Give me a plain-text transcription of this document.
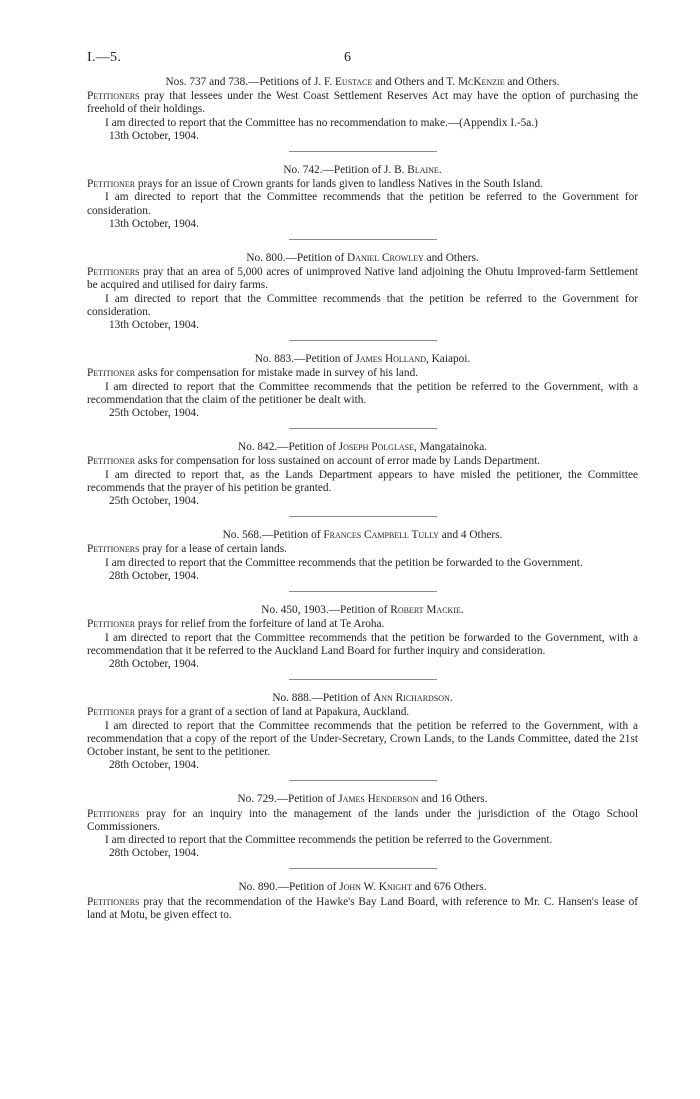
I.—5.	6

Nos. 737 and 738.—Petitions of J. F. Eustace and Others and T. McKenzie and Others.

Petitioners pray that lessees under the West Coast Settlement Reserves Act may have the option of purchasing the freehold of their holdings.

I am directed to report that the Committee has no recommendation to make.—(Appendix I.-5a.)

13th October, 1904.

No. 742.—Petition of J. B. Blaine.

Petitioner prays for an issue of Crown grants for lands given to landless Natives in the South Island.

I am directed to report that the Committee recommends that the petition be referred to the Government for consideration.

13th October, 1904.

No. 800.—Petition of Daniel Crowley and Others.

Petitioners pray that an area of 5,000 acres of unimproved Native land adjoining the Ohutu Improved-farm Settlement be acquired and utilised for dairy farms.

I am directed to report that the Committee recommends that the petition be referred to the Government for consideration.

13th October, 1904.

No. 883.—Petition of James Holland, Kaiapoi.

Petitioner asks for compensation for mistake made in survey of his land.

I am directed to report that the Committee recommends that the petition be referred to the Government, with a recommendation that the claim of the petitioner be dealt with.

25th October, 1904.

No. 842.—Petition of Joseph Polglase, Mangatainoka.

Petitioner asks for compensation for loss sustained on account of error made by Lands Department.

I am directed to report that, as the Lands Department appears to have misled the petitioner, the Committee recommends that the prayer of his petition be granted.

25th October, 1904.

No. 568.—Petition of Frances Campbell Tully and 4 Others.

Petitioners pray for a lease of certain lands.

I am directed to report that the Committee recommends that the petition be forwarded to the Government.

28th October, 1904.

No. 450, 1903.—Petition of Robert Mackie.

Petitioner prays for relief from the forfeiture of land at Te Aroha.

I am directed to report that the Committee recommends that the petition be forwarded to the Government, with a recommendation that it be referred to the Auckland Land Board for further inquiry and consideration.

28th October, 1904.

No. 888.—Petition of Ann Richardson.

Petitioner prays for a grant of a section of land at Papakura, Auckland.

I am directed to report that the Committee recommends that the petition be referred to the Government, with a recommendation that a copy of the report of the Under-Secretary, Crown Lands, to the Lands Committee, dated the 21st October instant, be sent to the petitioner.

28th October, 1904.

No. 729.—Petition of James Henderson and 16 Others.

Petitioners pray for an inquiry into the management of the lands under the jurisdiction of the Otago School Commissioners.

I am directed to report that the Committee recommends the petition be referred to the Government.

28th October, 1904.

No. 890.—Petition of John W. Knight and 676 Others.

Petitioners pray that the recommendation of the Hawke's Bay Land Board, with reference to Mr. C. Hansen's lease of land at Motu, be given effect to.
